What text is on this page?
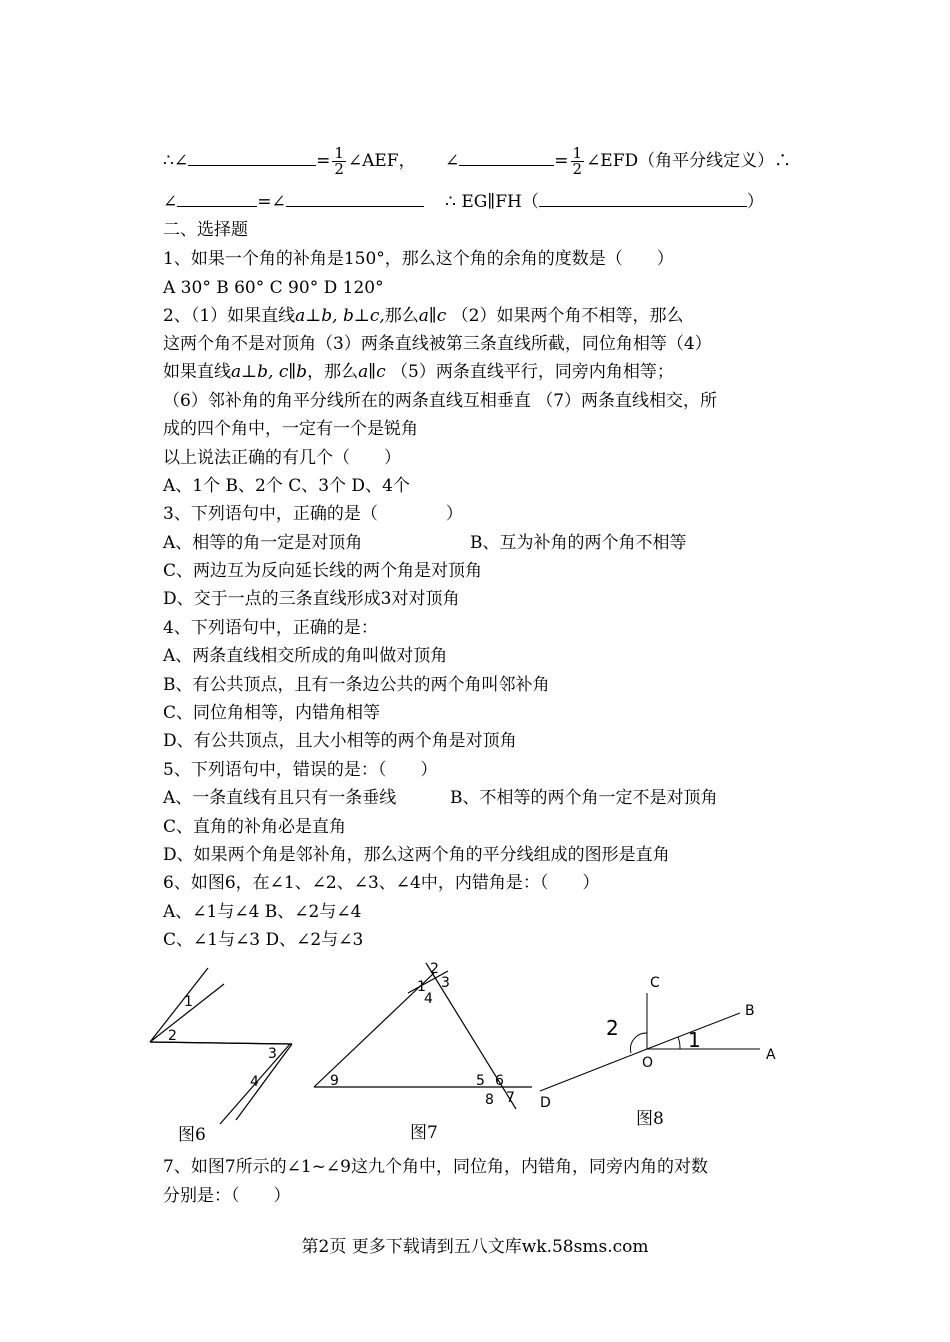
∴∠	= $\frac{1}{2}$ ∠AEF， ∠	= $\frac{1}{2}$ ∠EFD（角平分线定义）∴
∠	=∠	∴ EG∥FH（	）
二、选择题
1、如果一个角的补角是150°，那么这个角的余角的度数是（　　）
A 30° B 60° C 90° D 120°
2、（1）如果直线a⊥b, b⊥c,那么a∥c （2）如果两个角不相等，那么
这两个角不是对顶角（3）两条直线被第三条直线所截，同位角相等（4）
如果直线a⊥b, c∥b，那么a∥c （5）两条直线平行，同旁内角相等；
（6）邻补角的角平分线所在的两条直线互相垂直 （7）两条直线相交，所
成的四个角中，一定有一个是锐角
以上说法正确的有几个（　　）
A、1个 B、2个 C、3个 D、4个
3、下列语句中，正确的是（　　　　）
A、相等的角一定是对顶角	B、互为补角的两个角不相等
C、两边互为反向延长线的两个角是对顶角
D、交于一点的三条直线形成3对对顶角
4、下列语句中，正确的是：
A、两条直线相交所成的角叫做对顶角
B、有公共顶点，且有一条边公共的两个角叫邻补角
C、同位角相等，内错角相等
D、有公共顶点，且大小相等的两个角是对顶角
5、下列语句中，错误的是：（　　）
A、一条直线有且只有一条垂线	B、不相等的两个角一定不是对顶角
C、直角的补角必是直角
D、如果两个角是邻补角，那么这两个角的平分线组成的图形是直角
6、如图6，在∠1、∠2、∠3、∠4中，内错角是：（　　）
A、∠1与∠4 B、∠2与∠4
C、∠1与∠3 D、∠2与∠3
1
2
3
4
图6
1
2
3
4
5 6
7
8
9
图7
A
B
C
D
O
1
2
图8
7、如图7所示的∠1~∠9这九个角中，同位角，内错角，同旁内角的对数
分别是：（　　）
第2页 更多下载请到五八文库wk.58sms.com
